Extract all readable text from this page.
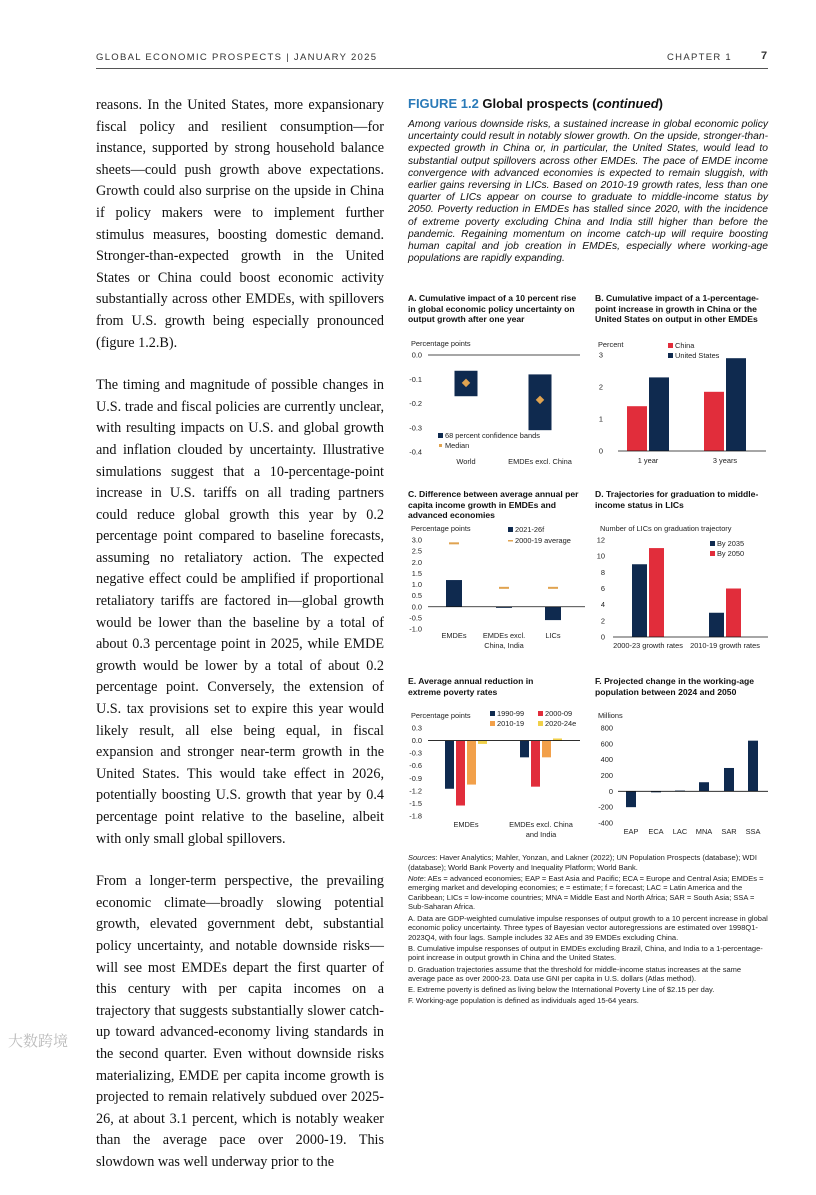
GLOBAL ECONOMIC PROSPECTS | JANUARY 2025	CHAPTER 1	7

reasons. In the United States, more expansionary fiscal policy and resilient consumption—for instance, supported by strong household balance sheets—could push growth above expectations. Growth could also surprise on the upside in China if policy makers were to implement further stimulus measures, boosting domestic demand. Stronger-than-expected growth in the United States or China could boost economic activity substantially across other EMDEs, with spillovers from U.S. growth being especially pronounced (figure 1.2.B).

The timing and magnitude of possible changes in U.S. trade and fiscal policies are currently unclear, with resulting impacts on U.S. and global growth and inflation clouded by uncertainty. Illustrative simulations suggest that a 10-percentage-point increase in U.S. tariffs on all trading partners could reduce global growth this year by 0.2 percentage point compared to baseline forecasts, assuming no retaliatory action. The expected negative effect could be amplified if proportional retaliatory tariffs are factored in—global growth would be lower than the baseline by a total of about 0.3 percentage point in 2025, while EMDE growth would be lower by a total of about 0.2 percentage point. Conversely, the extension of U.S. tax provisions set to expire this year would likely result, all else being equal, in fiscal expansion and stronger near-term growth in the United States. This would take effect in 2026, potentially boosting U.S. growth that year by 0.4 percentage point relative to the baseline, albeit with only small global spillovers.

From a longer-term perspective, the prevailing economic climate—broadly slowing potential growth, elevated government debt, substantial policy uncertainty, and notable downside risks—will see most EMDEs depart the first quarter of this century with per capita incomes on a trajectory that suggests substantially slower catch-up toward advanced-economy living standards in the second quarter. Even without downside risks materializing, EMDE per capita income growth is projected to remain relatively subdued over 2025-26, at about 3.1 percent, which is notably weaker than the average pace over 2000-19. This slowdown was well underway prior to the

FIGURE 1.2 Global prospects (continued)
Among various downside risks, a sustained increase in global economic policy uncertainty could result in notably slower growth. On the upside, stronger-than-expected growth in China or, in particular, the United States, would lead to substantial output spillovers across other EMDEs. The pace of EMDE income convergence with advanced economies is expected to remain sluggish, with earlier gains reversing in LICs. Based on 2010-19 growth rates, less than one quarter of LICs appear on course to graduate to middle-income status by 2050. Poverty reduction in EMDEs has stalled since 2020, with the incidence of extreme poverty excluding China and India still higher than before the pandemic. Regaining momentum on income catch-up will require boosting human capital and job creation in EMDEs, especially where working-age populations are rapidly expanding.
A. Cumulative impact of a 10 percent rise in global economic policy uncertainty on output growth after one year
B. Cumulative impact of a 1-percentage-point increase in growth in China or the United States on output in other EMDEs
C. Difference between average annual per capita income growth in EMDEs and advanced economies
D. Trajectories for graduation to middle-income status in LICs
E. Average annual reduction in extreme poverty rates
F. Projected change in the working-age population between 2024 and 2050
Percentage points
0.0
-0.1
-0.2
-0.3
-0.4
World	EMDEs excl. China
68 percent confidence bands
Median
Percent
3
2
1
0
1 year	3 years
China
United States
Percentage points
3.0
2.5
2.0
1.5
1.0
0.5
0.0
-0.5
-1.0
EMDEs EMDEs excl.
China, India
LICs
2021-26f
2000-19 average
Number of LICs on graduation trajectory
12
10
8
6
4
2
0
2000-23 growth rates 2010-19 growth rates
By 2035
By 2050
Percentage points
0.3
0.0
-0.3
-0.6
-0.9
-1.2
-1.5
-1.8
EMDEs	EMDEs excl. China
and India
1990-99	2000-09
2010-19	2020-24e
Millions
800
600
400
200
0
-200
-400
EAP ECA LAC MNA SAR SSA
Sources: Haver Analytics; Mahler, Yonzan, and Lakner (2022); UN Population Prospects (database); WDI (database); World Bank Poverty and Inequality Platform; World Bank.
Note: AEs = advanced economies; EAP = East Asia and Pacific; ECA = Europe and Central Asia; EMDEs = emerging market and developing economies; e = estimate; f = forecast; LAC = Latin America and the Caribbean; LICs = low-income countries; MNA = Middle East and North Africa; SAR = South Asia; SSA = Sub-Saharan Africa.
A. Data are GDP-weighted cumulative impulse responses of output growth to a 10 percent increase in global economic policy uncertainty. Three types of Bayesian vector autoregressions are estimated over 1998Q1-2023Q4, with four lags. Sample includes 32 AEs and 39 EMDEs excluding China.
B. Cumulative impulse responses of output in EMDEs excluding Brazil, China, and India to a 1-percentage-point increase in output growth in China and the United States.
D. Graduation trajectories assume that the threshold for middle-income status increases at the same average pace as over 2000-23. Data use GNI per capita in U.S. dollars (Atlas method).
E. Extreme poverty is defined as living below the International Poverty Line of $2.15 per day.
F. Working-age population is defined as individuals aged 15-64 years.
大数跨境
